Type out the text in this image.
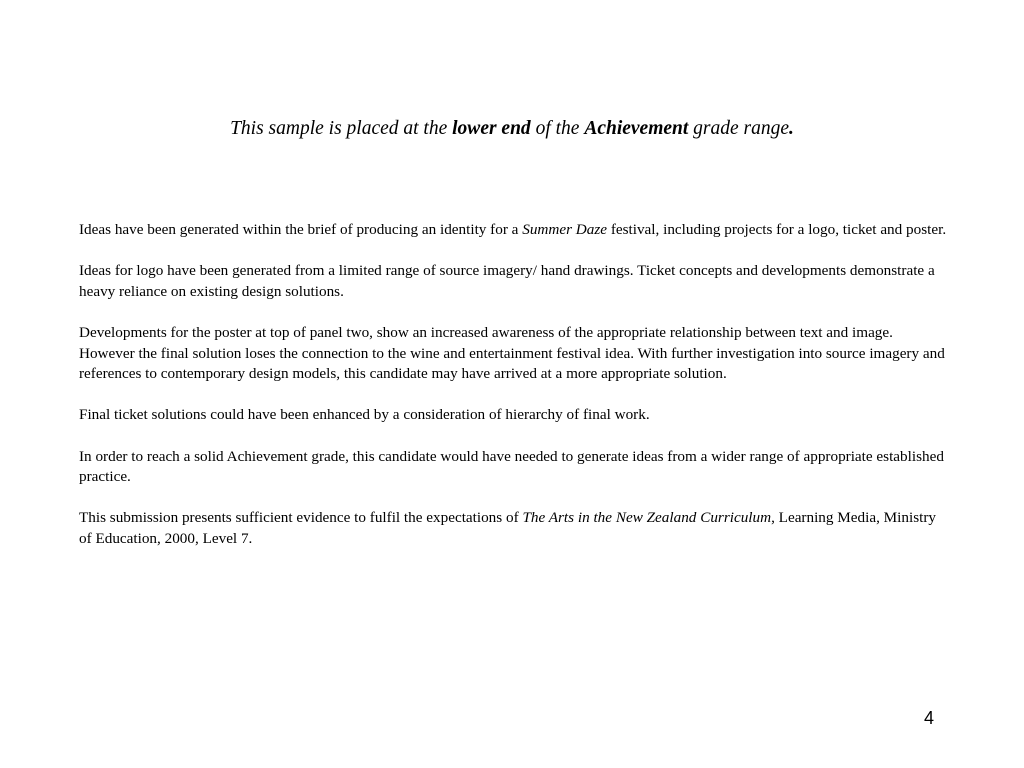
This sample is placed at the lower end of the Achievement grade range.

Ideas have been generated within the brief of producing an identity for a Summer Daze festival, including projects for a logo, ticket and poster.

Ideas for logo have been generated from a limited range of source imagery/ hand drawings. Ticket concepts and developments demonstrate a heavy reliance on existing design solutions.

Developments for the poster at top of panel two, show an increased awareness of the appropriate relationship between text and image. However the final solution loses the connection to the wine and entertainment festival idea. With further investigation into source imagery and references to contemporary design models, this candidate may have arrived at a more appropriate solution.

Final ticket solutions could have been enhanced by a consideration of hierarchy of final work.

In order to reach a solid Achievement grade, this candidate would have needed to generate ideas from a wider range of appropriate established practice.

This submission presents sufficient evidence to fulfil the expectations of The Arts in the New Zealand Curriculum, Learning Media, Ministry of Education, 2000, Level 7.

4
